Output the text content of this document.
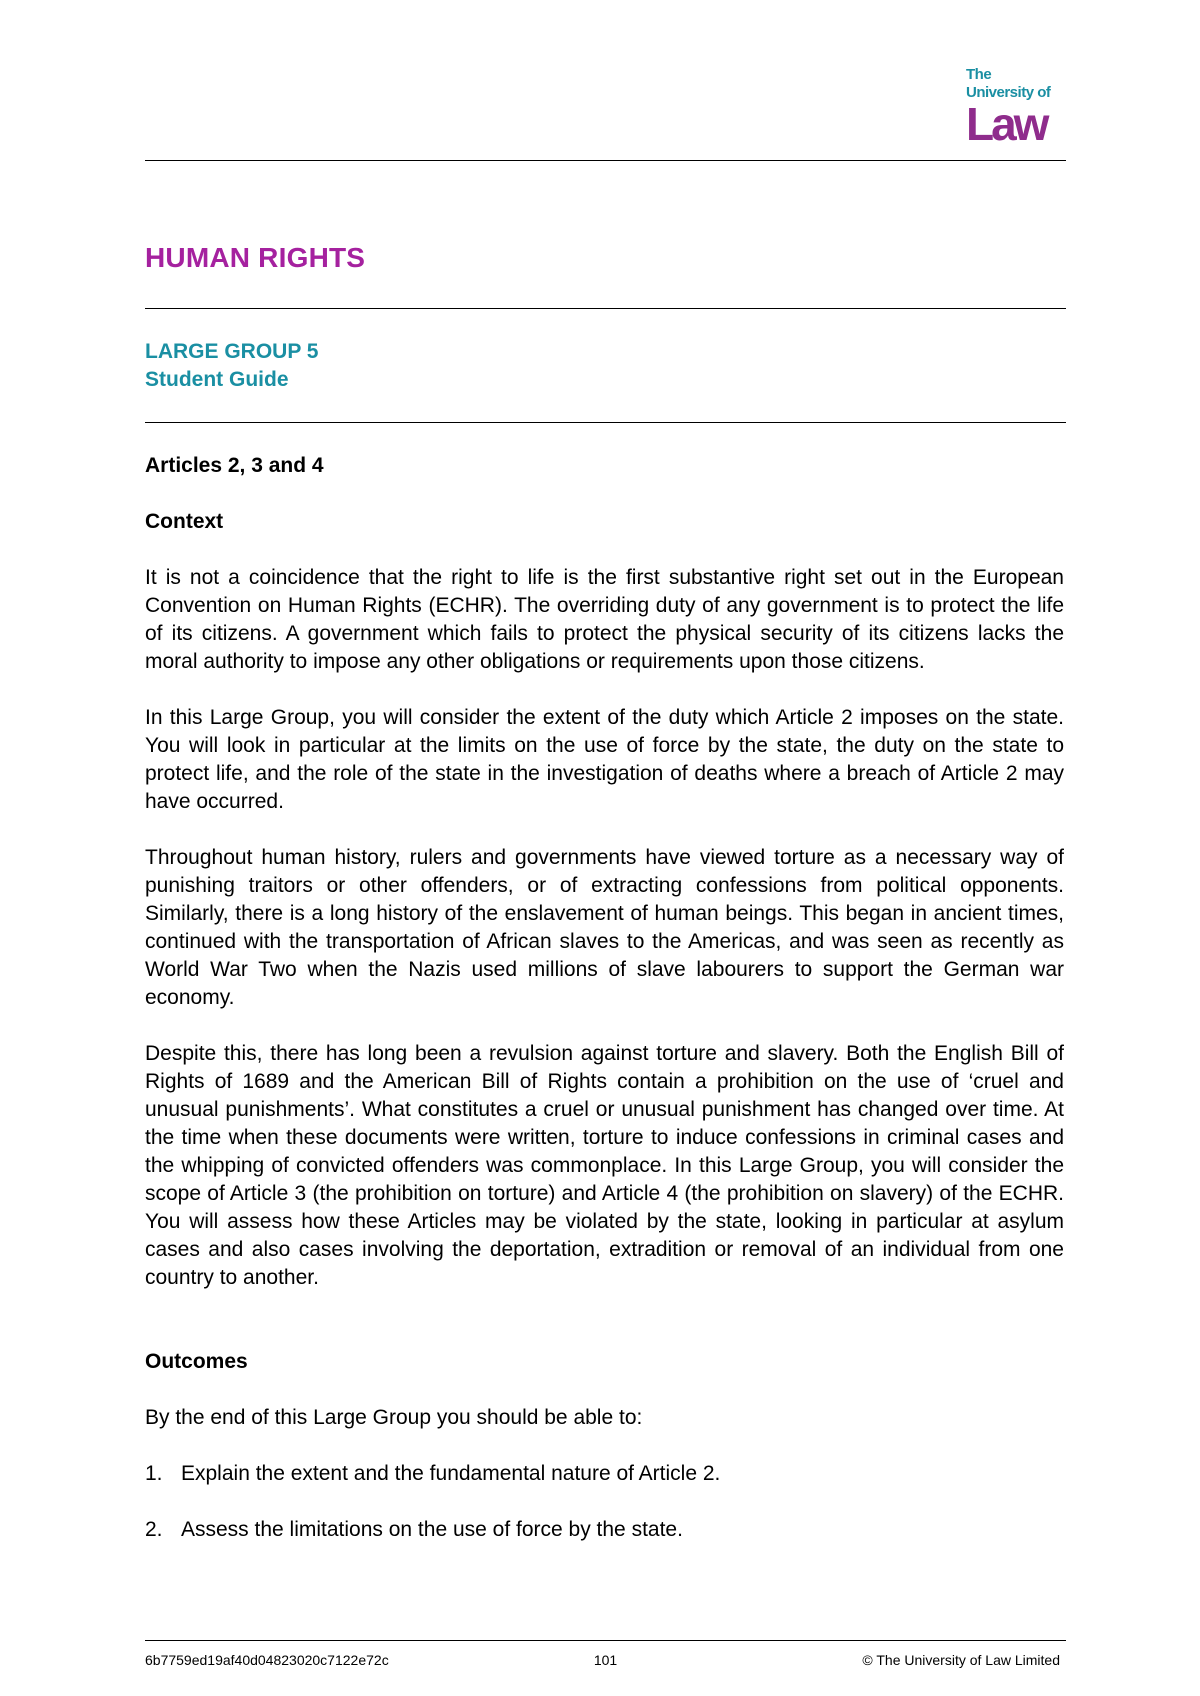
The
University of
Law
HUMAN RIGHTS
LARGE GROUP 5
Student Guide
Articles 2, 3 and 4
Context

It is not a coincidence that the right to life is the first substantive right set out in the European Convention on Human Rights (ECHR). The overriding duty of any government is to protect the life of its citizens. A government which fails to protect the physical security of its citizens lacks the moral authority to impose any other obligations or requirements upon those citizens.

In this Large Group, you will consider the extent of the duty which Article 2 imposes on the state. You will look in particular at the limits on the use of force by the state, the duty on the state to protect life, and the role of the state in the investigation of deaths where a breach of Article 2 may have occurred.

Throughout human history, rulers and governments have viewed torture as a necessary way of punishing traitors or other offenders, or of extracting confessions from political opponents. Similarly, there is a long history of the enslavement of human beings. This began in ancient times, continued with the transportation of African slaves to the Americas, and was seen as recently as World War Two when the Nazis used millions of slave labourers to support the German war economy.

Despite this, there has long been a revulsion against torture and slavery. Both the English Bill of Rights of 1689 and the American Bill of Rights contain a prohibition on the use of ‘cruel and unusual punishments’. What constitutes a cruel or unusual punishment has changed over time. At the time when these documents were written, torture to induce confessions in criminal cases and the whipping of convicted offenders was commonplace. In this Large Group, you will consider the scope of Article 3 (the prohibition on torture) and Article 4 (the prohibition on slavery) of the ECHR. You will assess how these Articles may be violated by the state, looking in particular at asylum cases and also cases involving the deportation, extradition or removal of an individual from one country to another.

Outcomes

By the end of this Large Group you should be able to:

1. Explain the extent and the fundamental nature of Article 2.
2. Assess the limitations on the use of force by the state.
6b7759ed19af40d04823020c7122e72c	101	© The University of Law Limited
